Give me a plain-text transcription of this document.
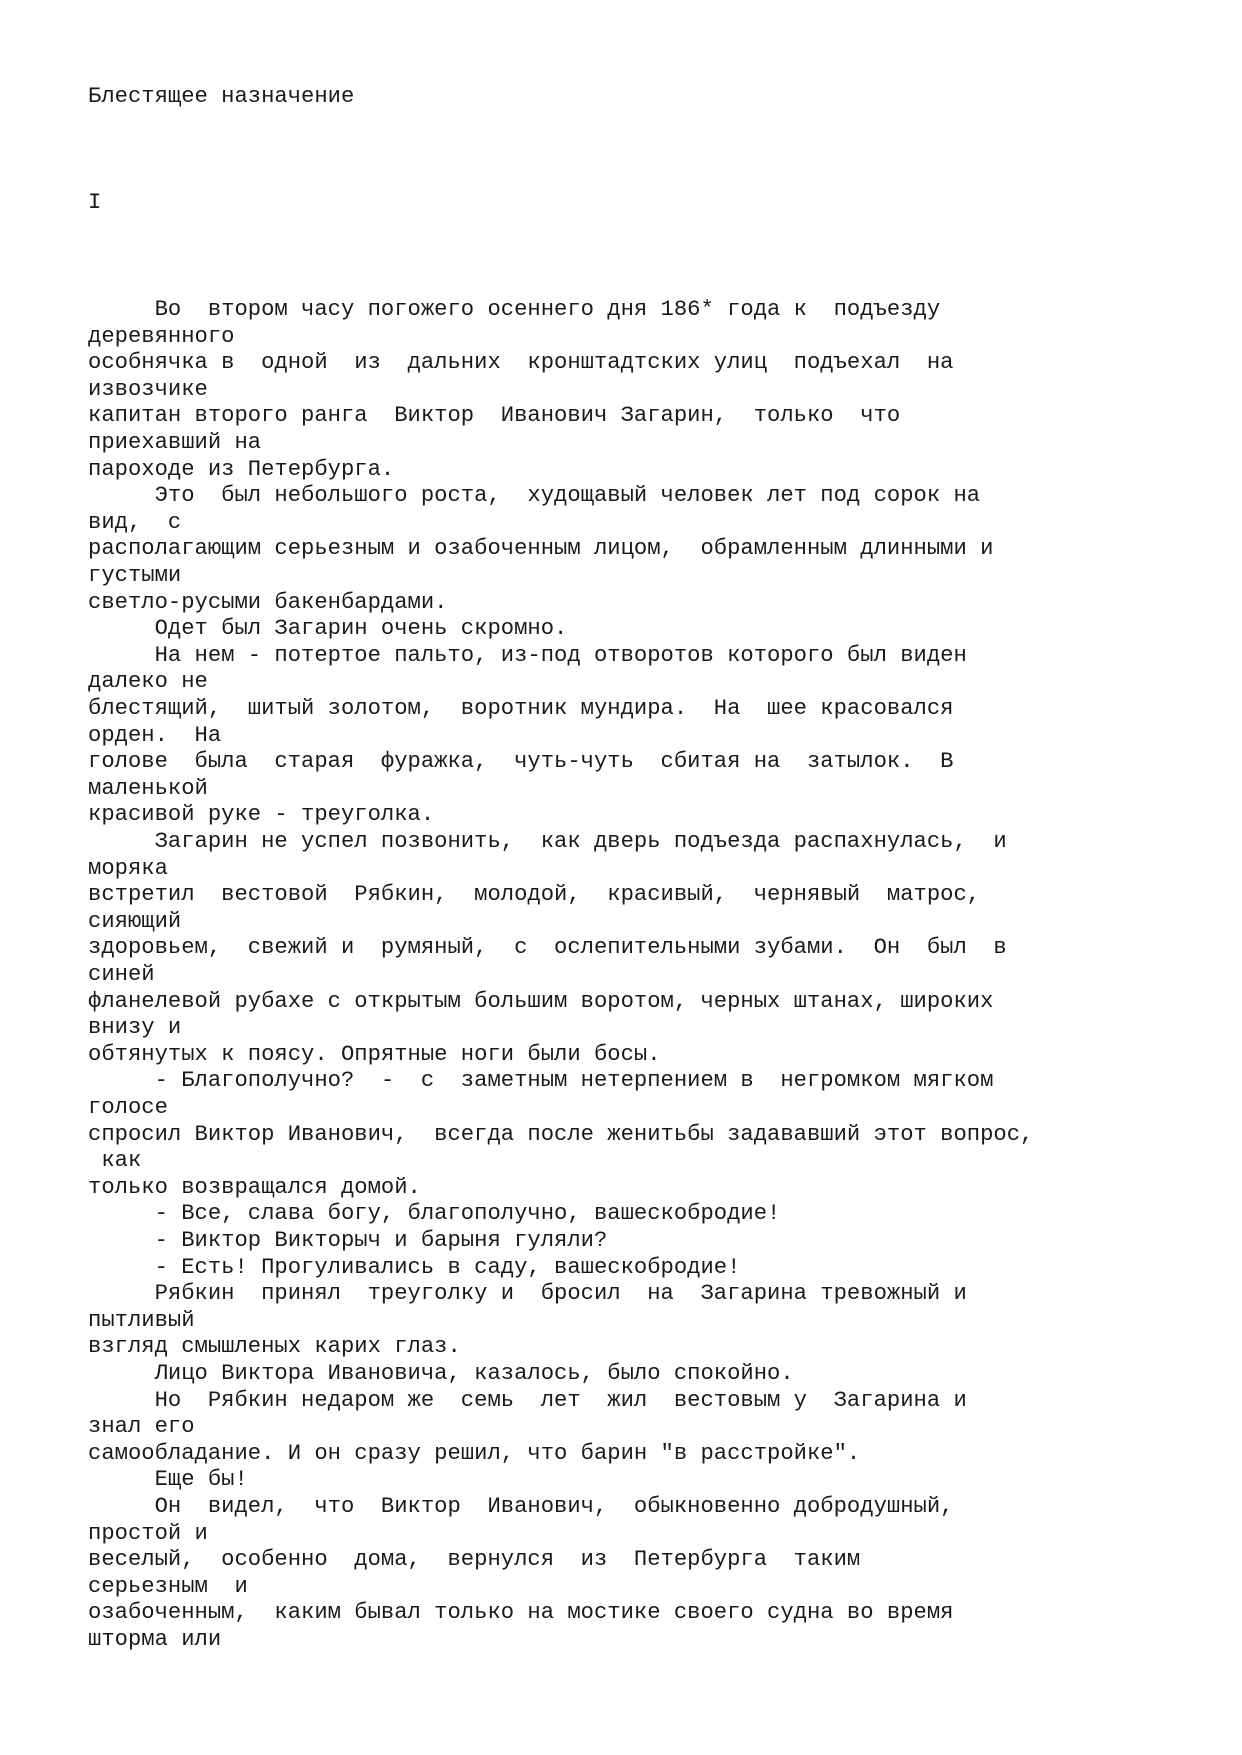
Блестящее назначение

I

Во  втором часу погожего осеннего дня 186* года к  подъезду

деревянного

особнячка в  одной  из  дальних  кронштадтских улиц  подъехал  на

извозчике

капитан второго ранга  Виктор  Иванович Загарин,  только  что

приехавший на

пароходе из Петербурга.

Это  был небольшого роста,  худощавый человек лет под сорок на

вид,  с

располагающим серьезным и озабоченным лицом,  обрамленным длинными и

густыми

светло-русыми бакенбардами.

Одет был Загарин очень скромно.

На нем - потертое пальто, из-под отворотов которого был виден

далеко не

блестящий,  шитый золотом,  воротник мундира.  На  шее красовался

орден.  На

голове  была  старая  фуражка,  чуть-чуть  сбитая на  затылок.  В

маленькой

красивой руке - треуголка.

Загарин не успел позвонить,  как дверь подъезда распахнулась,  и

моряка

встретил  вестовой  Рябкин,  молодой,  красивый,  чернявый  матрос,

сияющий

здоровьем,  свежий и  румяный,  с  ослепительными зубами.  Он  был  в

синей

фланелевой рубахе с открытым большим воротом, черных штанах, широких

внизу и

обтянутых к поясу. Опрятные ноги были босы.

- Благополучно?  -  с  заметным нетерпением в  негромком мягком

голосе

спросил Виктор Иванович,  всегда после женитьбы задававший этот вопрос,

как

только возвращался домой.

- Все, слава богу, благополучно, вашескобродие!

- Виктор Викторыч и барыня гуляли?

- Есть! Прогуливались в саду, вашескобродие!

Рябкин  принял  треуголку и  бросил  на  Загарина тревожный и

пытливый

взгляд смышленых карих глаз.

Лицо Виктора Ивановича, казалось, было спокойно.

Но  Рябкин недаром же  семь  лет  жил  вестовым у  Загарина и

знал его

самообладание. И он сразу решил, что барин "в расстройке".

Еще бы!

Он  видел,  что  Виктор  Иванович,  обыкновенно добродушный,

простой и

веселый,  особенно  дома,  вернулся  из  Петербурга  таким

серьезным  и

озабоченным,  каким бывал только на мостике своего судна во время

шторма или
